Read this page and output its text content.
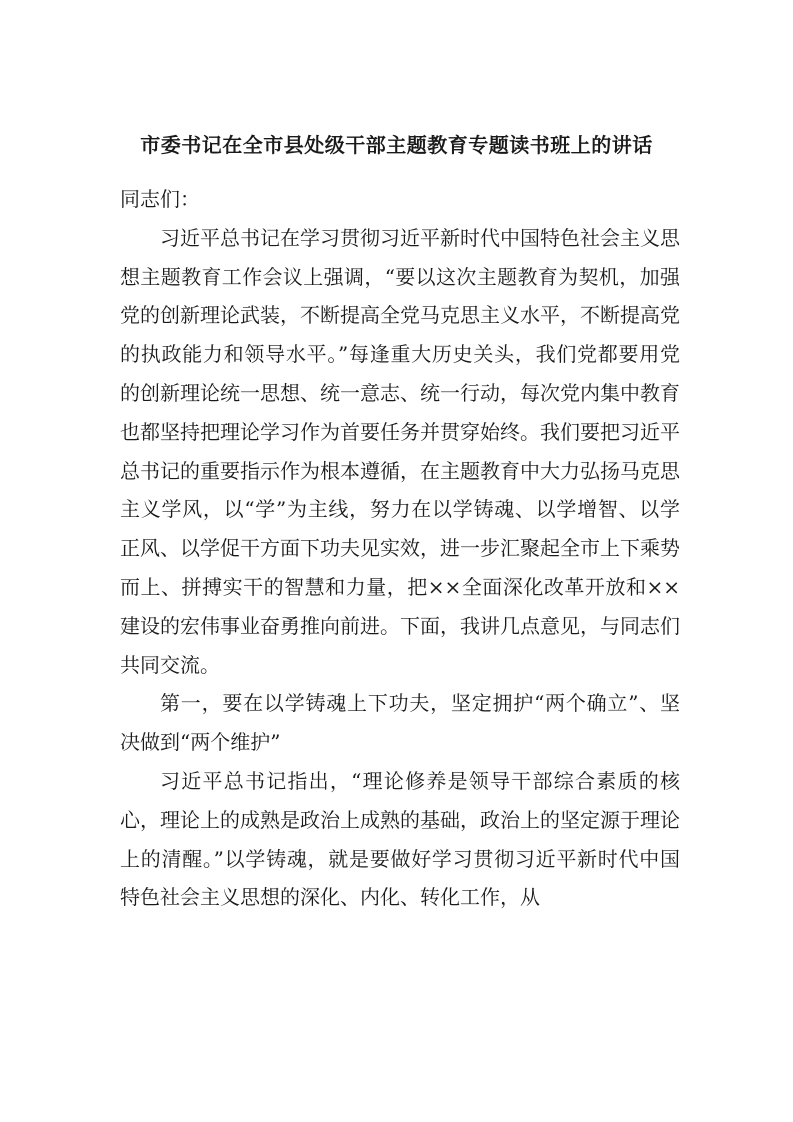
市委书记在全市县处级干部主题教育专题读书班上的讲话

同志们：

习近平总书记在学习贯彻习近平新时代中国特色社会主义思想主题教育工作会议上强调，“要以这次主题教育为契机，加强党的创新理论武装，不断提高全党马克思主义水平，不断提高党的执政能力和领导水平。”每逢重大历史关头，我们党都要用党的创新理论统一思想、统一意志、统一行动，每次党内集中教育也都坚持把理论学习作为首要任务并贯穿始终。我们要把习近平总书记的重要指示作为根本遵循，在主题教育中大力弘扬马克思主义学风，以“学”为主线，努力在以学铸魂、以学增智、以学正风、以学促干方面下功夫见实效，进一步汇聚起全市上下乘势而上、拼搏实干的智慧和力量，把××全面深化改革开放和××建设的宏伟事业奋勇推向前进。下面，我讲几点意见，与同志们共同交流。

第一，要在以学铸魂上下功夫，坚定拥护“两个确立”、坚决做到“两个维护”

习近平总书记指出，“理论修养是领导干部综合素质的核心，理论上的成熟是政治上成熟的基础，政治上的坚定源于理论上的清醒。”以学铸魂，就是要做好学习贯彻习近平新时代中国特色社会主义思想的深化、内化、转化工作，从
